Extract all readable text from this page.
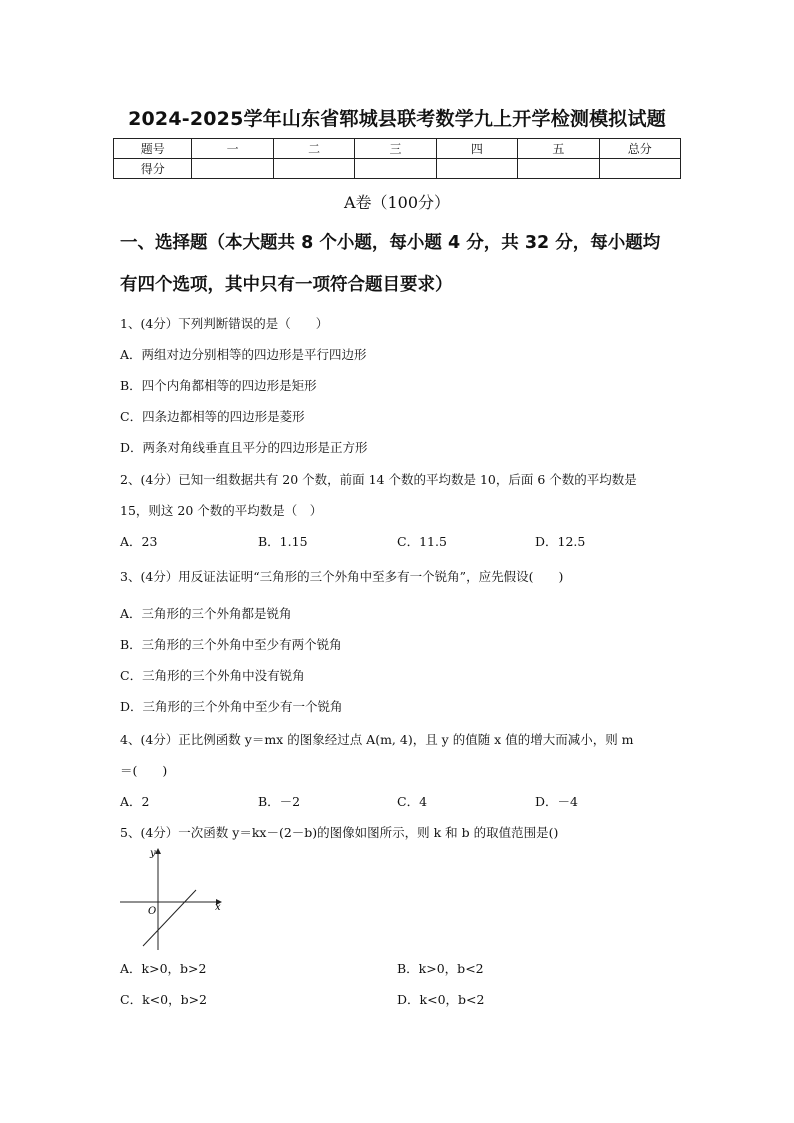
2024-2025学年山东省郓城县联考数学九上开学检测模拟试题
题号	一	二	三	四	五	总分
得分						
A卷（100分）
一、选择题（本大题共 8 个小题，每小题 4 分，共 32 分，每小题均
有四个选项，其中只有一项符合题目要求）
1、(4分）下列判断错误的是（　　）
A．两组对边分别相等的四边形是平行四边形
B．四个内角都相等的四边形是矩形
C．四条边都相等的四边形是菱形
D．两条对角线垂直且平分的四边形是正方形
2、(4分）已知一组数据共有 20 个数，前面 14 个数的平均数是 10，后面 6 个数的平均数是
15，则这 20 个数的平均数是（　）
A．23	B．1.15	C．11.5	D．12.5
3、(4分）用反证法证明“三角形的三个外角中至多有一个锐角”，应先假设(　　)
A．三角形的三个外角都是锐角
B．三角形的三个外角中至少有两个锐角
C．三角形的三个外角中没有锐角
D．三角形的三个外角中至少有一个锐角
4、(4分）正比例函数 y＝mx 的图象经过点 A(m, 4)，且 y 的值随 x 值的增大而减小，则 m
＝(　　)
A．2	B．－2	C．4	D．－4
5、(4分）一次函数 y＝kx－(2－b)的图像如图所示，则 k 和 b 的取值范围是()
y
x
O
A．k>0，b>2	B．k>0，b<2
C．k<0，b>2	D．k<0，b<2
